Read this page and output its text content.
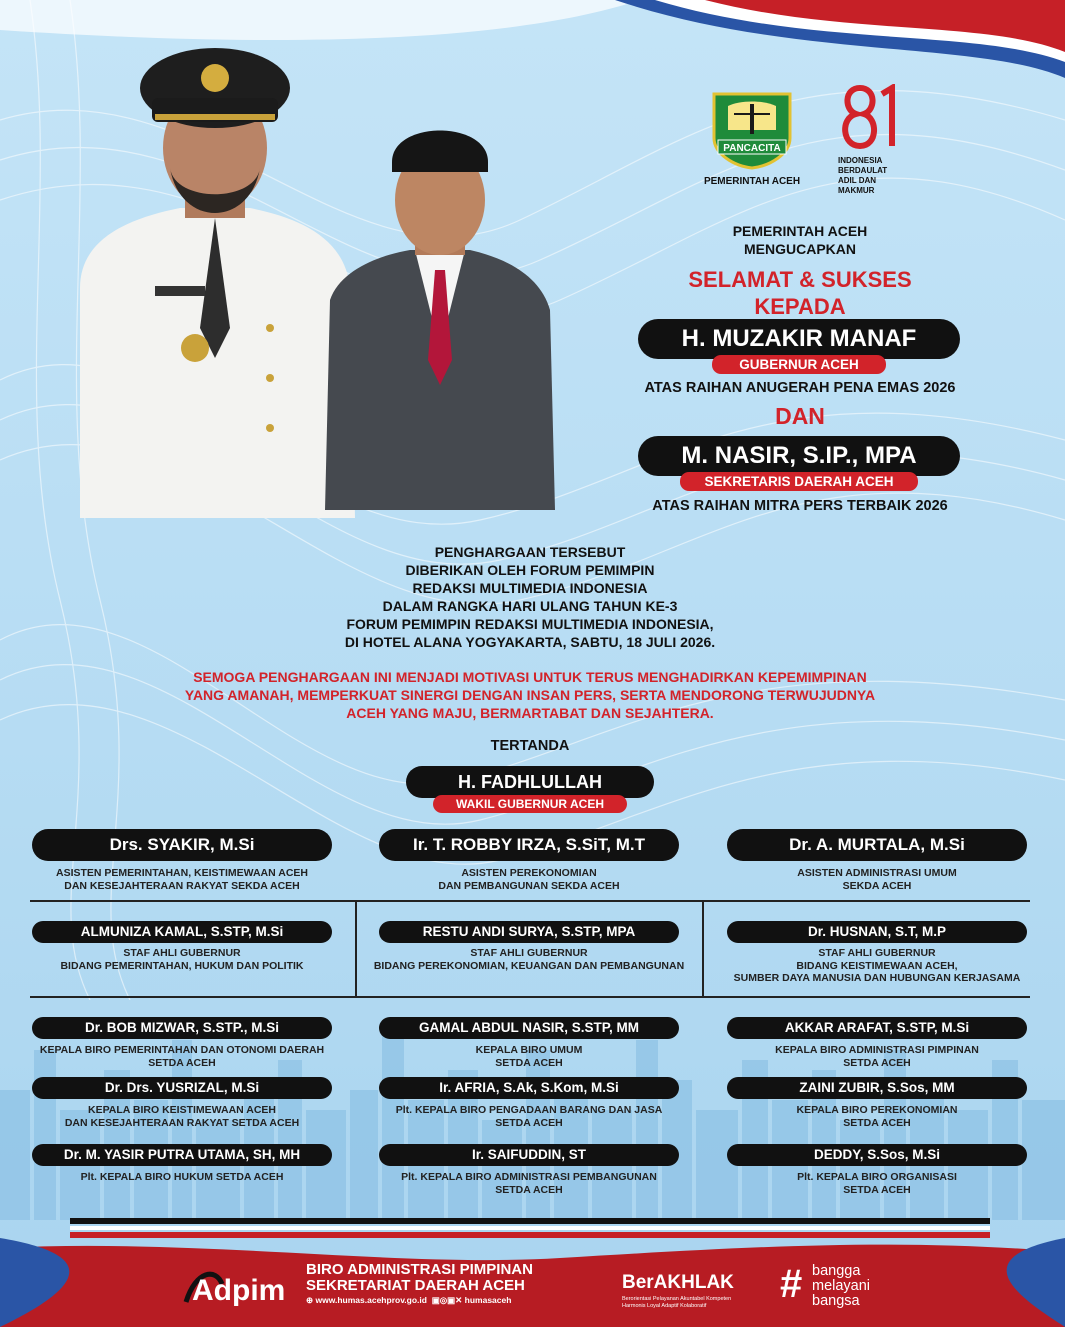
PANCACITA
PEMERINTAH ACEH
INDONESIA
BERDAULAT
ADIL DAN
MAKMUR
PEMERINTAH ACEH
MENGUCAPKAN
SELAMAT & SUKSES
KEPADA
H. MUZAKIR MANAF
GUBERNUR ACEH
ATAS RAIHAN ANUGERAH PENA EMAS 2026
DAN
M. NASIR, S.IP., MPA
SEKRETARIS DAERAH ACEH
ATAS RAIHAN MITRA PERS TERBAIK 2026
PENGHARGAAN TERSEBUT
DIBERIKAN OLEH FORUM PEMIMPIN
REDAKSI MULTIMEDIA INDONESIA
DALAM RANGKA HARI ULANG TAHUN KE-3
FORUM PEMIMPIN REDAKSI MULTIMEDIA INDONESIA,
DI HOTEL ALANA YOGYAKARTA, SABTU, 18 JULI 2026.
SEMOGA PENGHARGAAN INI MENJADI MOTIVASI UNTUK TERUS MENGHADIRKAN KEPEMIMPINAN
YANG AMANAH, MEMPERKUAT SINERGI DENGAN INSAN PERS, SERTA MENDORONG TERWUJUDNYA
ACEH YANG MAJU, BERMARTABAT DAN SEJAHTERA.
TERTANDA
H. FADHLULLAH
WAKIL GUBERNUR ACEH
Drs. SYAKIR, M.Si
ASISTEN PEMERINTAHAN, KEISTIMEWAAN ACEH
DAN KESEJAHTERAAN RAKYAT SEKDA ACEH
Ir. T. ROBBY IRZA, S.SiT, M.T
ASISTEN PEREKONOMIAN
DAN PEMBANGUNAN SEKDA ACEH
Dr. A. MURTALA, M.Si
ASISTEN ADMINISTRASI UMUM
SEKDA ACEH
ALMUNIZA KAMAL, S.STP, M.Si
STAF AHLI GUBERNUR
BIDANG PEMERINTAHAN, HUKUM DAN POLITIK
RESTU ANDI SURYA, S.STP, MPA
STAF AHLI GUBERNUR
BIDANG PEREKONOMIAN, KEUANGAN DAN PEMBANGUNAN
Dr. HUSNAN, S.T, M.P
STAF AHLI GUBERNUR
BIDANG KEISTIMEWAAN ACEH,
SUMBER DAYA MANUSIA DAN HUBUNGAN KERJASAMA
Dr. BOB MIZWAR, S.STP., M.Si
KEPALA BIRO PEMERINTAHAN DAN OTONOMI DAERAH
SETDA ACEH
GAMAL ABDUL NASIR, S.STP, MM
KEPALA BIRO UMUM
SETDA ACEH
AKKAR ARAFAT, S.STP, M.Si
KEPALA BIRO ADMINISTRASI PIMPINAN
SETDA ACEH
Dr. Drs. YUSRIZAL, M.Si
KEPALA BIRO KEISTIMEWAAN ACEH
DAN KESEJAHTERAAN RAKYAT SETDA ACEH
Ir. AFRIA, S.Ak, S.Kom, M.Si
Plt. KEPALA BIRO PENGADAAN BARANG DAN JASA
SETDA ACEH
ZAINI ZUBIR, S.Sos, MM
KEPALA BIRO PEREKONOMIAN
SETDA ACEH
Dr. M. YASIR PUTRA UTAMA, SH, MH
Plt. KEPALA BIRO HUKUM SETDA ACEH
Ir. SAIFUDDIN, ST
Plt. KEPALA BIRO ADMINISTRASI PEMBANGUNAN
SETDA ACEH
DEDDY, S.Sos, M.Si
Plt. KEPALA BIRO ORGANISASI
SETDA ACEH
Adpim
BIRO ADMINISTRASI PIMPINAN
SEKRETARIAT DAERAH ACEH
⊕ www.humas.acehprov.go.id  ▣◎▣✕ humasaceh
BerAKHLAK
Berorientasi Pelayanan Akuntabel Kompeten Harmonis Loyal Adaptif Kolaboratif	# bangga
melayani
bangsa
